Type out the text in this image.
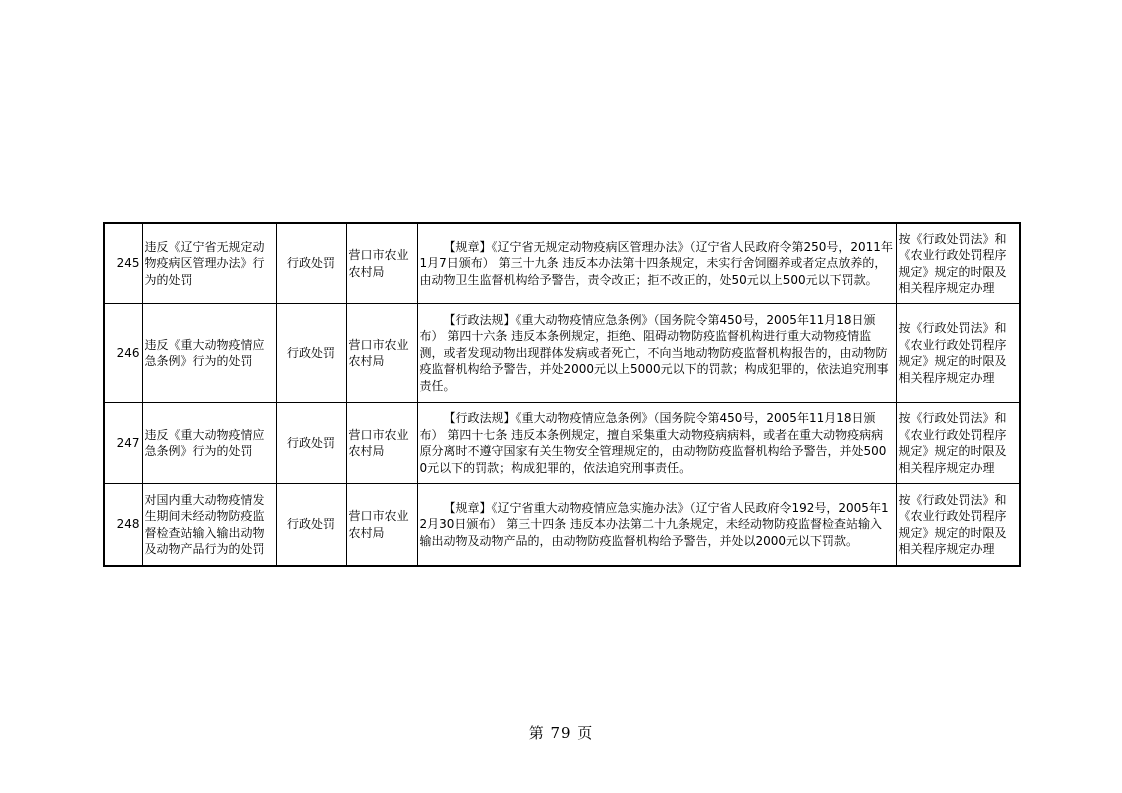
245	违反《辽宁省无规定动物疫病区管理办法》行为的处罚	行政处罚	营口市农业农村局	【规章】《辽宁省无规定动物疫病区管理办法》（辽宁省人民政府令第250号，2011年1月7日颁布） 第三十九条 违反本办法第十四条规定，未实行舍饲圈养或者定点放养的，由动物卫生监督机构给予警告，责令改正；拒不改正的，处50元以上500元以下罚款。	按《行政处罚法》和《农业行政处罚程序规定》规定的时限及相关程序规定办理
246	违反《重大动物疫情应急条例》行为的处罚	行政处罚	营口市农业农村局	【行政法规】《重大动物疫情应急条例》（国务院令第450号，2005年11月18日颁布） 第四十六条 违反本条例规定，拒绝、阻碍动物防疫监督机构进行重大动物疫情监测，或者发现动物出现群体发病或者死亡，不向当地动物防疫监督机构报告的，由动物防疫监督机构给予警告，并处2000元以上5000元以下的罚款；构成犯罪的，依法追究刑事责任。	按《行政处罚法》和《农业行政处罚程序规定》规定的时限及相关程序规定办理
247	违反《重大动物疫情应急条例》行为的处罚	行政处罚	营口市农业农村局	【行政法规】《重大动物疫情应急条例》（国务院令第450号，2005年11月18日颁布） 第四十七条 违反本条例规定，擅自采集重大动物疫病病料，或者在重大动物疫病病原分离时不遵守国家有关生物安全管理规定的，由动物防疫监督机构给予警告，并处5000元以下的罚款；构成犯罪的，依法追究刑事责任。	按《行政处罚法》和《农业行政处罚程序规定》规定的时限及相关程序规定办理
248	对国内重大动物疫情发生期间未经动物防疫监督检查站输入输出动物及动物产品行为的处罚	行政处罚	营口市农业农村局	【规章】《辽宁省重大动物疫情应急实施办法》（辽宁省人民政府令192号，2005年12月30日颁布） 第三十四条 违反本办法第二十九条规定，未经动物防疫监督检查站输入输出动物及动物产品的，由动物防疫监督机构给予警告，并处以2000元以下罚款。	按《行政处罚法》和《农业行政处罚程序规定》规定的时限及相关程序规定办理
第 79 页
